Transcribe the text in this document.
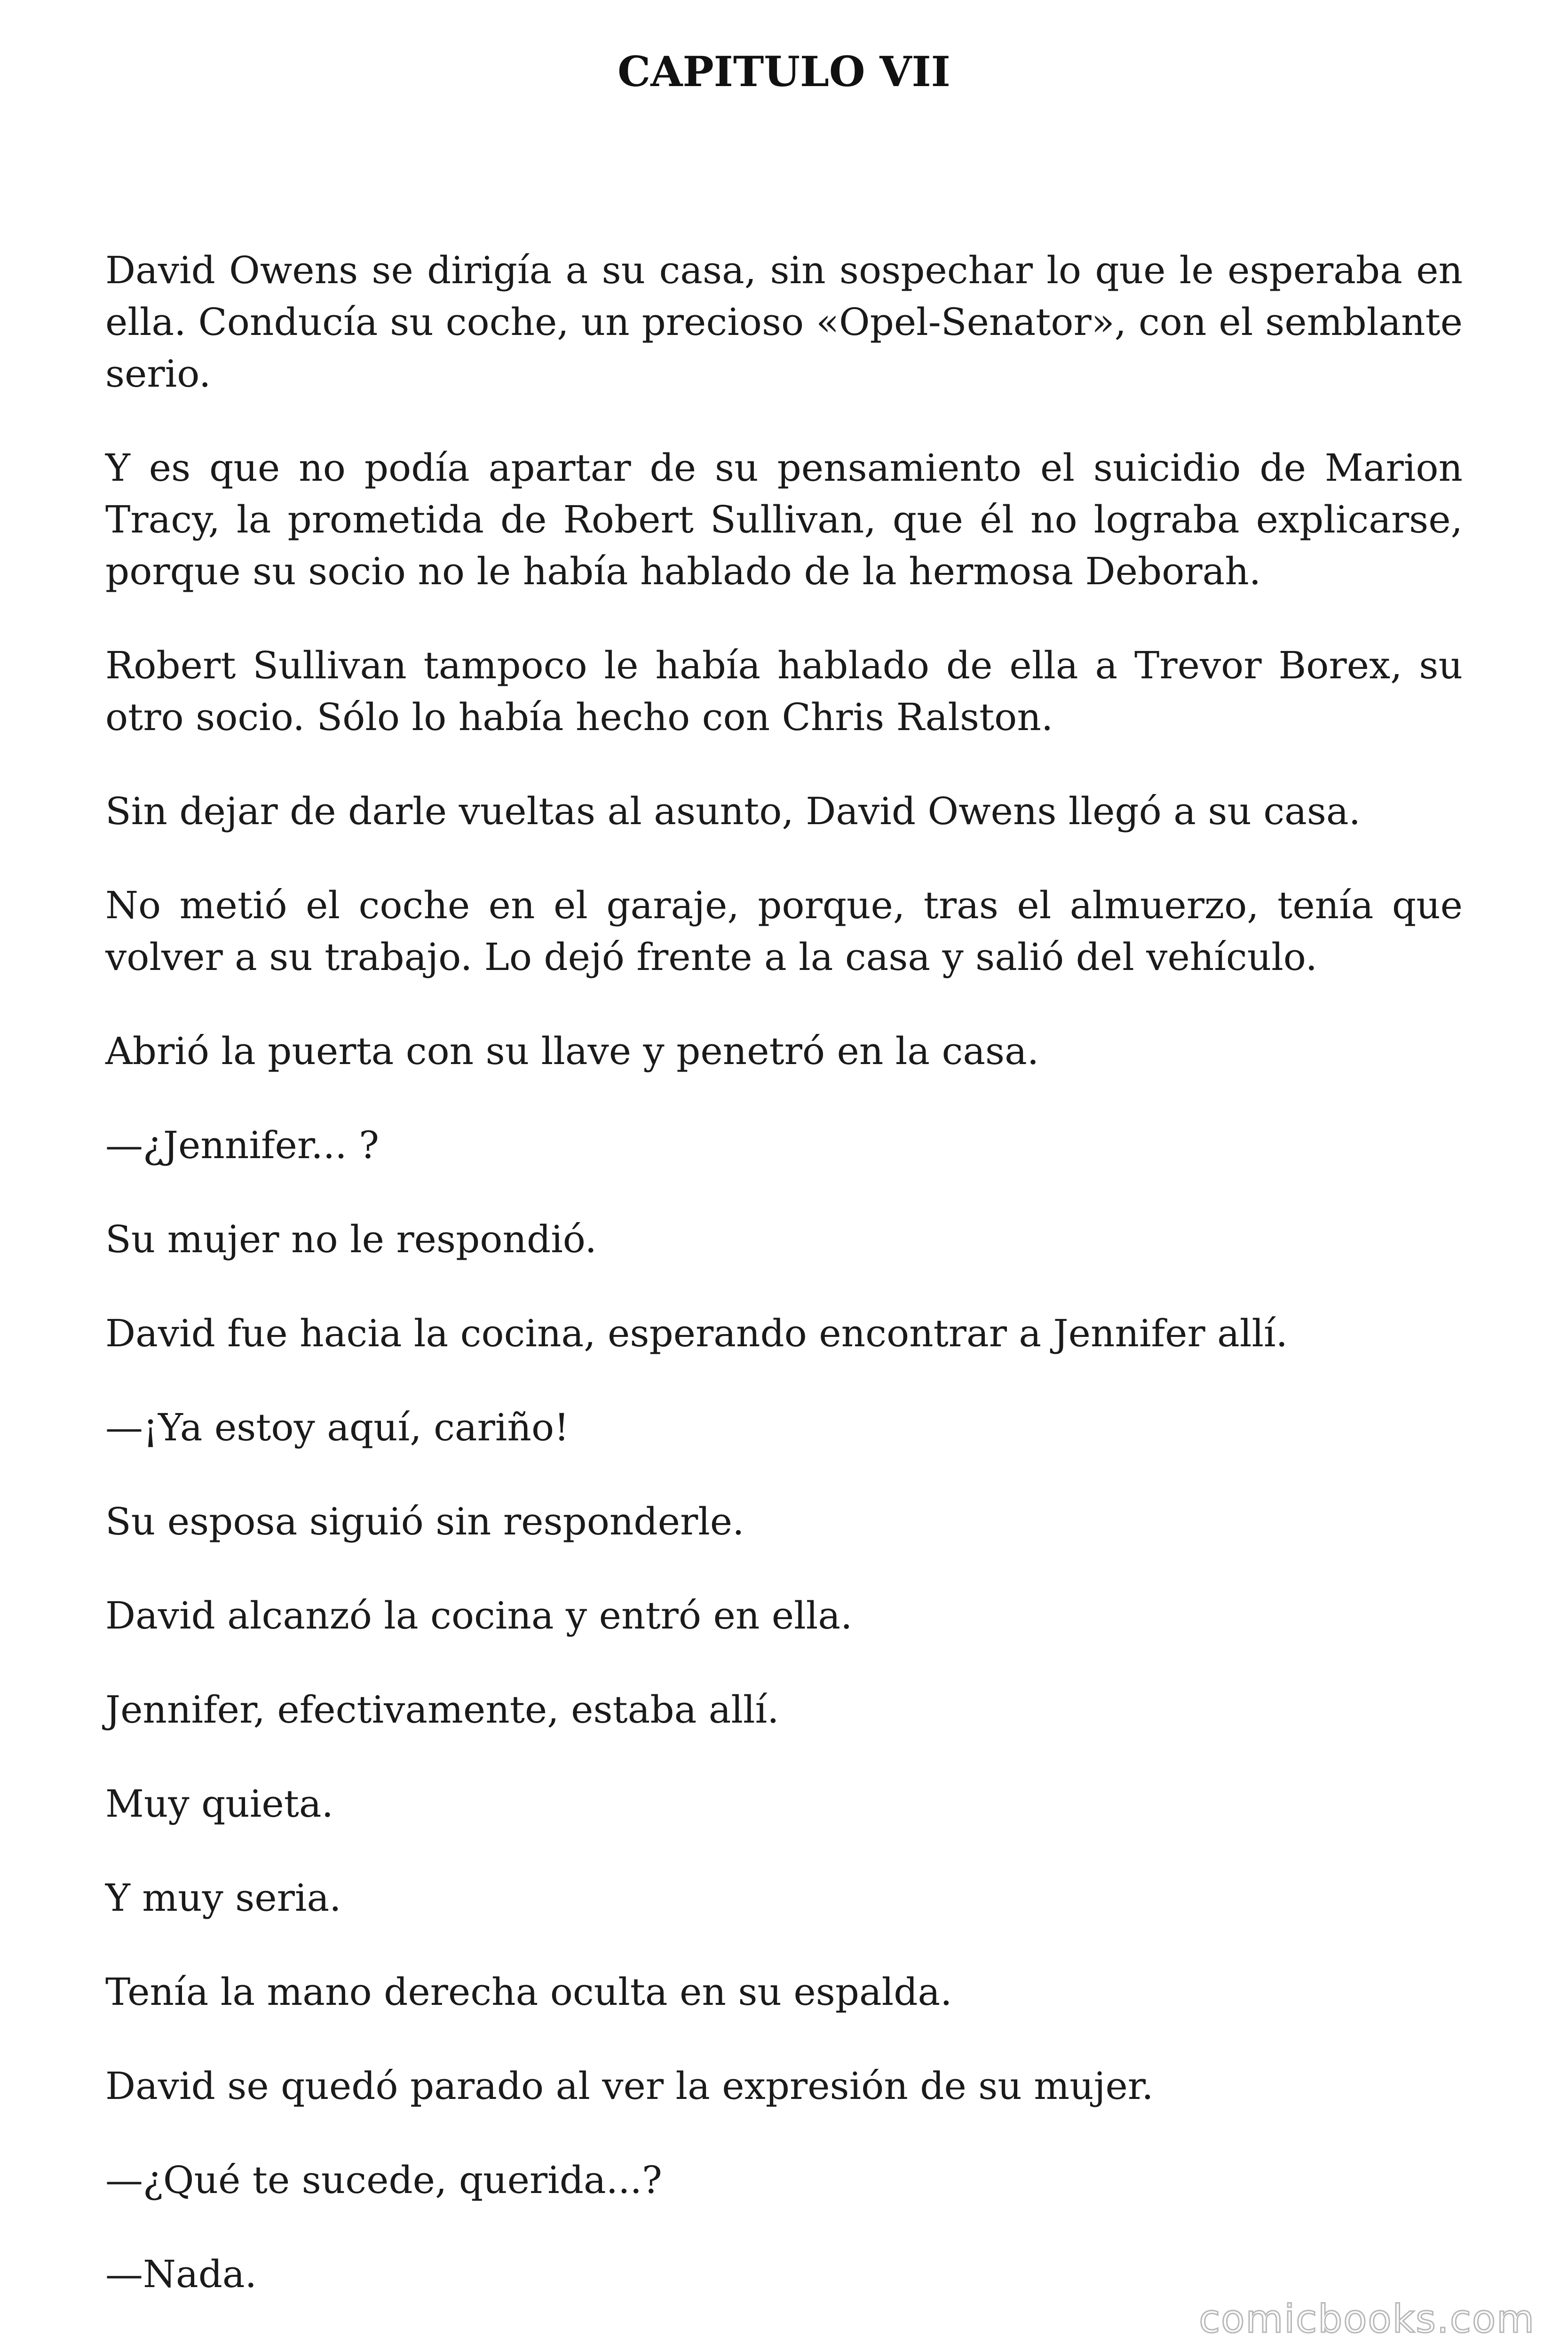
CAPITULO VII

David Owens se dirigía a su casa, sin sospechar lo que le esperaba en ella. Conducía su coche, un precioso «Opel-Senator», con el semblante serio.

Y es que no podía apartar de su pensamiento el suicidio de Marion Tracy, la prometida de Robert Sullivan, que él no lograba explicarse, porque su socio no le había hablado de la hermosa Deborah.

Robert Sullivan tampoco le había hablado de ella a Trevor Borex, su otro socio. Sólo lo había hecho con Chris Ralston.

Sin dejar de darle vueltas al asunto, David Owens llegó a su casa.

No metió el coche en el garaje, porque, tras el almuerzo, tenía que volver a su trabajo. Lo dejó frente a la casa y salió del vehículo.

Abrió la puerta con su llave y penetró en la casa.

—¿Jennifer... ?

Su mujer no le respondió.

David fue hacia la cocina, esperando encontrar a Jennifer allí.

—¡Ya estoy aquí, cariño!

Su esposa siguió sin responderle.

David alcanzó la cocina y entró en ella.

Jennifer, efectivamente, estaba allí.

Muy quieta.

Y muy seria.

Tenía la mano derecha oculta en su espalda.

David se quedó parado al ver la expresión de su mujer.

—¿Qué te sucede, querida...?

—Nada.

comicbooks.com
